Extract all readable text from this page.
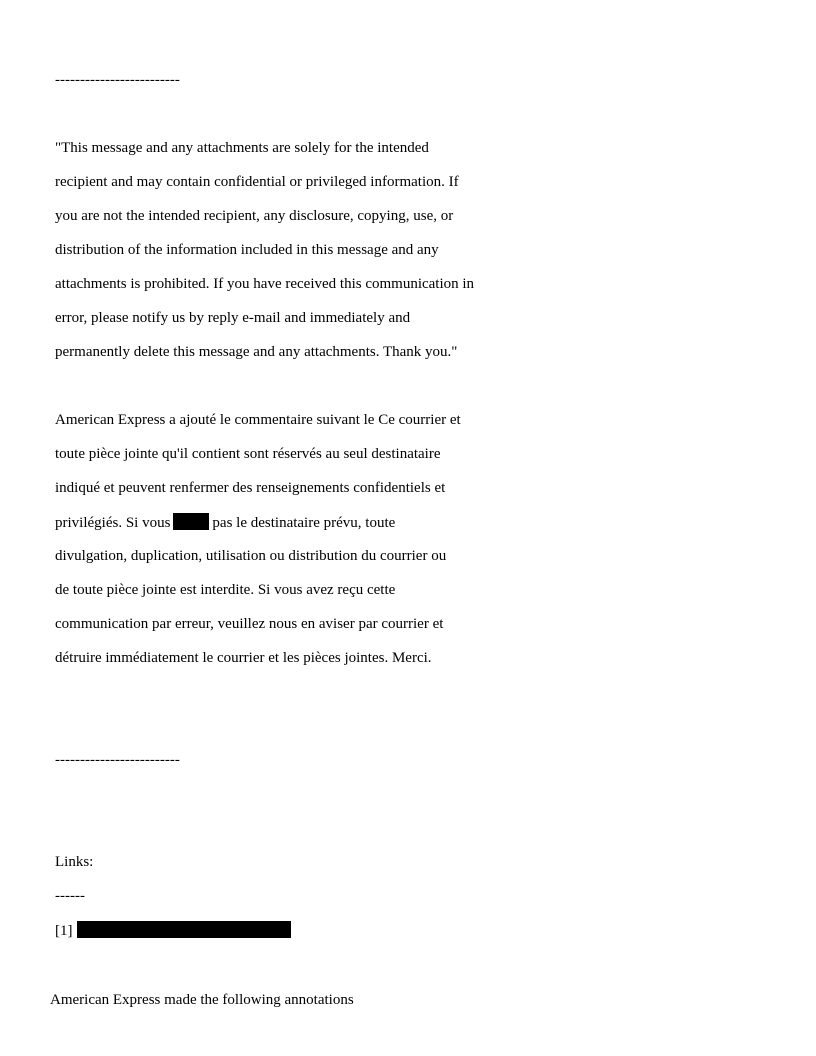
-------------------------
"This message and any attachments are solely for the intended
recipient and may contain confidential or privileged information. If
you are not the intended recipient, any disclosure, copying, use, or
distribution of the information included in this message and any
attachments is prohibited. If you have received this communication in
error, please notify us by reply e-mail and immediately and
permanently delete this message and any attachments. Thank you."
American Express a ajouté le commentaire suivant le Ce courrier et
toute pièce jointe qu'il contient sont réservés au seul destinataire
indiqué et peuvent renfermer des renseignements confidentiels et
privilégiés. Si vous	pas le destinataire prévu, toute
divulgation, duplication, utilisation ou distribution du courrier ou
de toute pièce jointe est interdite. Si vous avez reçu cette
communication par erreur, veuillez nous en aviser par courrier et
détruire immédiatement le courrier et les pièces jointes. Merci.
-------------------------
Links:
------
[1]
American Express made the following annotations
